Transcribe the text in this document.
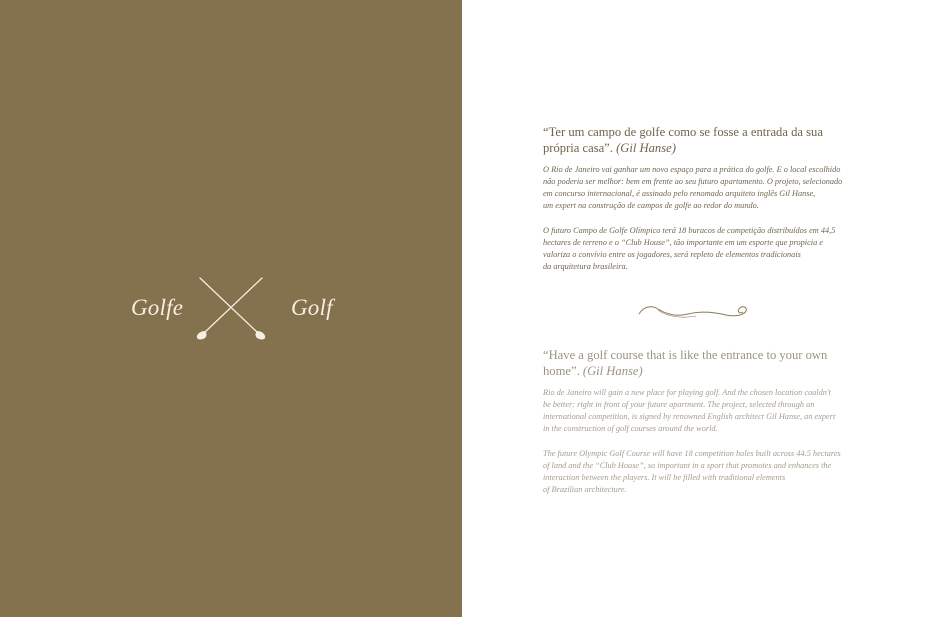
Golfe	Golf
“Ter um campo de golfe como se fosse a entrada da sua própria casa”. (Gil Hanse)

O Rio de Janeiro vai ganhar um novo espaço para a prática do golfe. E o local escolhido
não poderia ser melhor: bem em frente ao seu futuro apartamento. O projeto, selecionado
em concurso internacional, é assinado pelo renomado arquiteto inglês Gil Hanse,
um expert na construção de campos de golfe ao redor do mundo.

O futuro Campo de Golfe Olímpico terá 18 buracos de competição distribuídos em 44,5
hectares de terreno e o “Club House”, tão importante em um esporte que propicia e
valoriza o convívio entre os jogadores, será repleto de elementos tradicionais
da arquitetura brasileira.

“Have a golf course that is like the entrance to your own home”. (Gil Hanse)

Rio de Janeiro will gain a new place for playing golf. And the chosen location couldn't
be better: right in front of your future apartment. The project, selected through an
international competition, is signed by renowned English architect Gil Hanse, an expert
in the construction of golf courses around the world.

The future Olympic Golf Course will have 18 competition holes built across 44.5 hectares
of land and the “Club House”, so important in a sport that promotes and enhances the
interaction between the players. It will be filled with traditional elements
of Brazilian architecture.
